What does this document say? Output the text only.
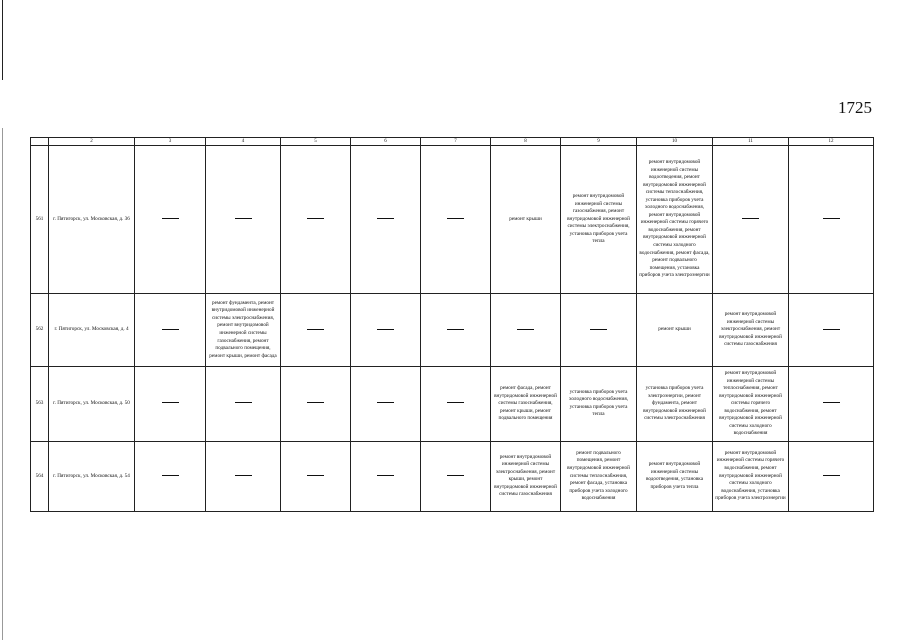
1725
	2	3	4	5	6	7	8	9	10	11	12
561	г. Пятигорск, ул. Московская, д. 36						ремонт крыши	ремонт внутридомовой инженерной системы газоснабжения, ремонт внутридомовой инженерной системы электроснабжения, установка приборов учета тепла	ремонт внутридомовой инженерной системы водоотведения, ремонт внутридомовой инженерной системы теплоснабжения, установка приборов учета холодного водоснабжения, ремонт внутридомовой инженерной системы горячего водоснабжения, ремонт внутридомовой инженерной системы холодного водоснабжения, ремонт фасада, ремонт подвального помещения, установка приборов учета электроэнергии		
562	г. Пятигорск, ул. Московская, д. 4		ремонт фундамента, ремонт внутридомовой инженерной системы электроснабжения, ремонт внутридомовой инженерной системы газоснабжения, ремонт подвального помещения, ремонт крыши, ремонт фасада						ремонт крыши	ремонт внутридомовой инженерной системы электроснабжения, ремонт внутридомовой инженерной системы газоснабжения	
563	г. Пятигорск, ул. Московская, д. 50						ремонт фасада, ремонт внутридомовой инженерной системы газоснабжения, ремонт крыши, ремонт подвального помещения	установка приборов учета холодного водоснабжения, установка приборов учета тепла	установка приборов учета электроэнергии, ремонт фундамента, ремонт внутридомовой инженерной системы электроснабжения	ремонт внутридомовой инженерной системы теплоснабжения, ремонт внутридомовой инженерной системы горячего водоснабжения, ремонт внутридомовой инженерной системы холодного водоснабжения	
564	г. Пятигорск, ул. Московская, д. 54						ремонт внутридомовой инженерной системы электроснабжения, ремонт крыши, ремонт внутридомовой инженерной системы газоснабжения	ремонт подвального помещения, ремонт внутридомовой инженерной системы теплоснабжения, ремонт фасада, установка приборов учета холодного водоснабжения	ремонт внутридомовой инженерной системы водоотведения, установка приборов учета тепла	ремонт внутридомовой инженерной системы горячего водоснабжения, ремонт внутридомовой инженерной системы холодного водоснабжения, установка приборов учета электроэнергии	
